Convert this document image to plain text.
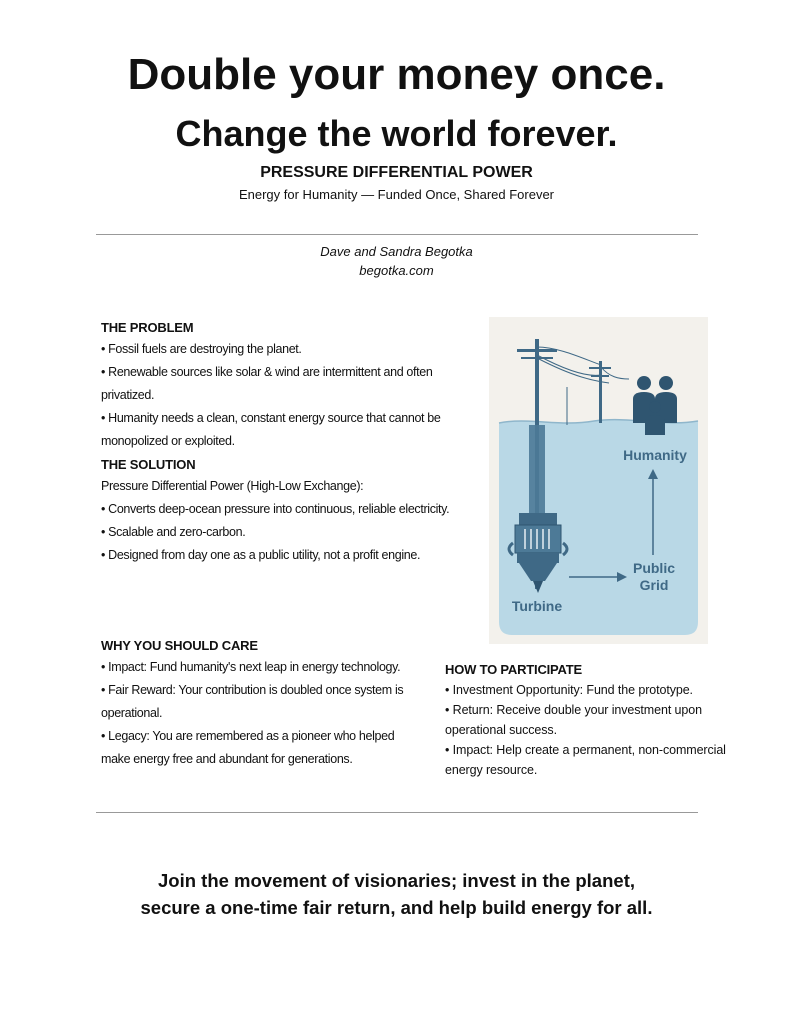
Double your money once.
Change the world forever.
PRESSURE DIFFERENTIAL POWER
Energy for Humanity — Funded Once, Shared Forever
Dave and Sandra Begotka
begotka.com
THE PROBLEM
• Fossil fuels are destroying the planet.
• Renewable sources like solar & wind are intermittent and often privatized.
• Humanity needs a clean, constant energy source that cannot be
monopolized or exploited.
THE SOLUTION
Pressure Differential Power (High-Low Exchange):
• Converts deep-ocean pressure into continuous, reliable electricity.
• Scalable and zero-carbon.
• Designed from day one as a public utility, not a profit engine.
WHY YOU SHOULD CARE
• Impact: Fund humanity's next leap in energy technology.
• Fair Reward: Your contribution is doubled once system is
operational.
• Legacy: You are remembered as a pioneer who helped
make energy free and abundant for generations.
HOW TO PARTICIPATE
• Investment Opportunity: Fund the prototype.
• Return: Receive double your investment upon
operational success.
• Impact: Help create a permanent, non-commercial
energy resource.
Humanity
Public
Grid
Turbine
Join the movement of visionaries; invest in the planet,
secure a one-time fair return, and help build energy for all.
